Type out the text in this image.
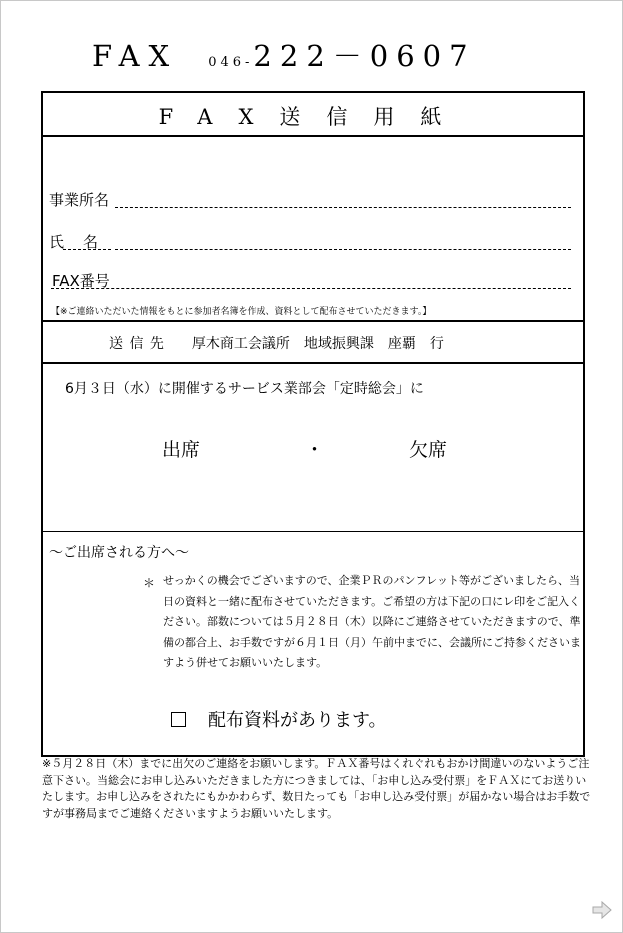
FAX 046-222－0607
FAX送信用紙
事業所名
氏　名
FAX番号
【※ご連絡いただいた情報をもとに参加者名簿を作成、資料として配布させていただきます。】
送 信 先　　厚木商工会議所　地域振興課　座覇　行
6月３日（水）に開催するサービス業部会「定時総会」に
出席	・	欠席
～ご出席される方へ～
＊ せっかくの機会でございますので、企業ＰＲのパンフレット等がございましたら、当日の資料と一緒に配布させていただきます。ご希望の方は下記の口にレ印をご記入ください。部数については５月２８日（木）以降にご連絡させていただきますので、準備の都合上、お手数ですが６月１日（月）午前中までに、会議所にご持参くださいますよう併せてお願いいたします。
配布資料があります。
※５月２８日（木）までに出欠のご連絡をお願いします。ＦＡＸ番号はくれぐれもおかけ間違いのないようご注意下さい。当総会にお申し込みいただきました方につきましては、「お申し込み受付票」をＦＡＸにてお送りいたします。お申し込みをされたにもかかわらず、数日たっても「お申し込み受付票」が届かない場合はお手数ですが事務局までご連絡くださいますようお願いいたします。
